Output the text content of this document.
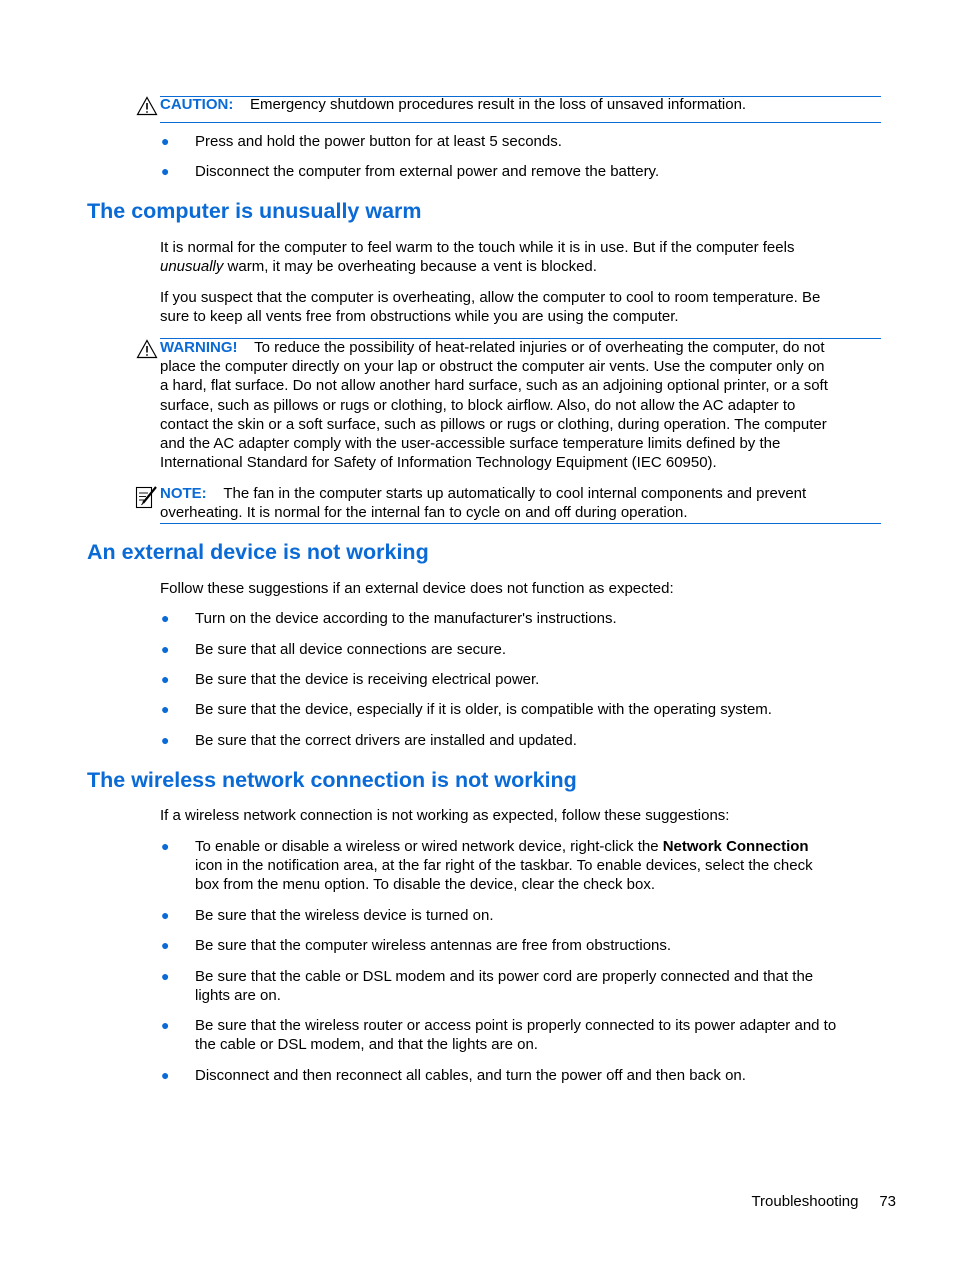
CAUTION: Emergency shutdown procedures result in the loss of unsaved information.
● Press and hold the power button for at least 5 seconds.
● Disconnect the computer from external power and remove the battery.
The computer is unusually warm
It is normal for the computer to feel warm to the touch while it is in use. But if the computer feels
unusually warm, it may be overheating because a vent is blocked.
If you suspect that the computer is overheating, allow the computer to cool to room temperature. Be
sure to keep all vents free from obstructions while you are using the computer.
WARNING! To reduce the possibility of heat-related injuries or of overheating the computer, do not
place the computer directly on your lap or obstruct the computer air vents. Use the computer only on
a hard, flat surface. Do not allow another hard surface, such as an adjoining optional printer, or a soft
surface, such as pillows or rugs or clothing, to block airflow. Also, do not allow the AC adapter to
contact the skin or a soft surface, such as pillows or rugs or clothing, during operation. The computer
and the AC adapter comply with the user-accessible surface temperature limits defined by the
International Standard for Safety of Information Technology Equipment (IEC 60950).
NOTE: The fan in the computer starts up automatically to cool internal components and prevent
overheating. It is normal for the internal fan to cycle on and off during operation.
An external device is not working
Follow these suggestions if an external device does not function as expected:
● Turn on the device according to the manufacturer's instructions.
● Be sure that all device connections are secure.
● Be sure that the device is receiving electrical power.
● Be sure that the device, especially if it is older, is compatible with the operating system.
● Be sure that the correct drivers are installed and updated.
The wireless network connection is not working
If a wireless network connection is not working as expected, follow these suggestions:
● To enable or disable a wireless or wired network device, right-click the Network Connection
icon in the notification area, at the far right of the taskbar. To enable devices, select the check
box from the menu option. To disable the device, clear the check box.
● Be sure that the wireless device is turned on.
● Be sure that the computer wireless antennas are free from obstructions.
● Be sure that the cable or DSL modem and its power cord are properly connected and that the
lights are on.
● Be sure that the wireless router or access point is properly connected to its power adapter and to
the cable or DSL modem, and that the lights are on.
● Disconnect and then reconnect all cables, and turn the power off and then back on.
Troubleshooting 73
